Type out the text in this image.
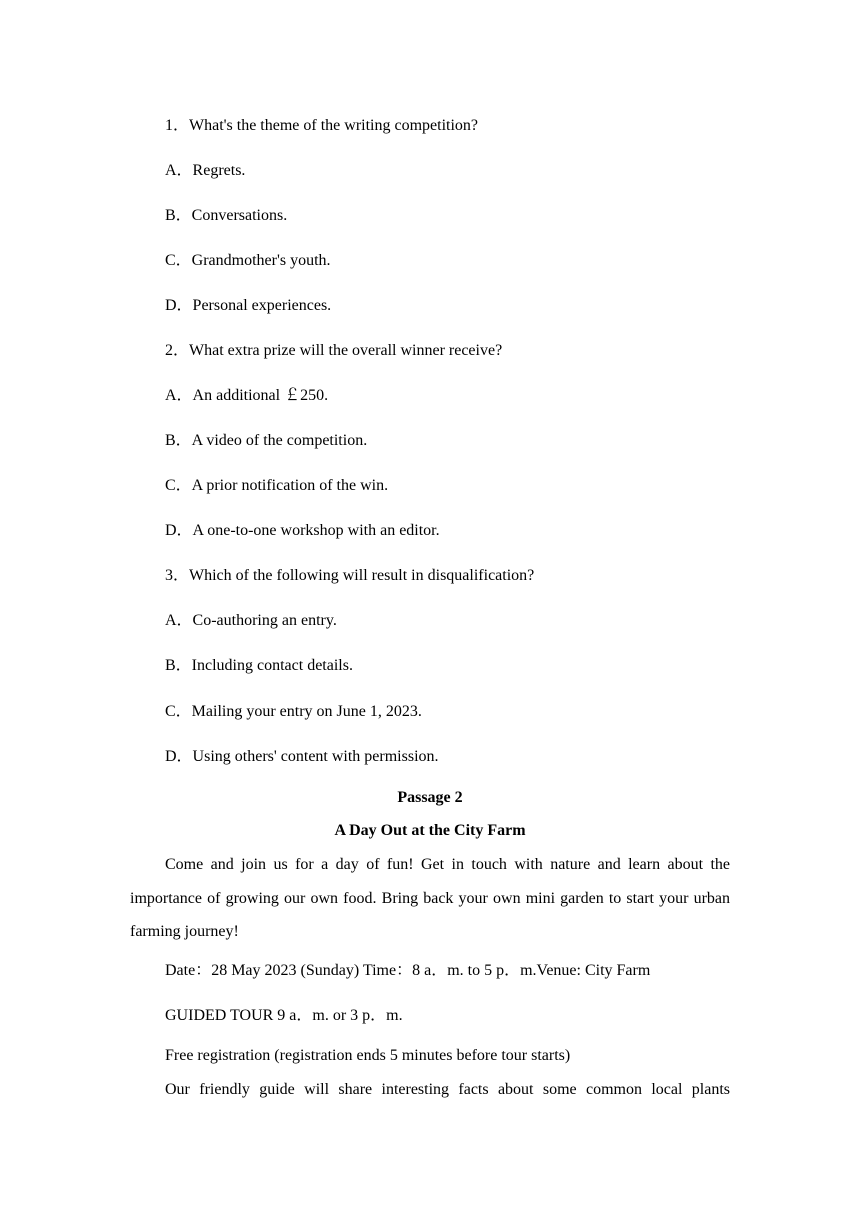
1．What's the theme of the writing competition?
A．Regrets.
B．Conversations.
C．Grandmother's youth.
D．Personal experiences.
2．What extra prize will the overall winner receive?
A．An additional ￡250.
B．A video of the competition.
C．A prior notification of the win.
D．A one-to-one workshop with an editor.
3．Which of the following will result in disqualification?
A．Co-authoring an entry.
B．Including contact details.
C．Mailing your entry on June 1, 2023.
D．Using others' content with permission.
Passage 2
A Day Out at the City Farm
Come and join us for a day of fun! Get in touch with nature and learn about the importance of growing our own food. Bring back your own mini garden to start your urban farming journey!
Date：28 May 2023 (Sunday) Time：8 a．m. to 5 p．m.Venue: City Farm
GUIDED TOUR 9 a．m. or 3 p．m.
Free registration (registration ends 5 minutes before tour starts)
Our friendly guide will share interesting facts about some common local plants
